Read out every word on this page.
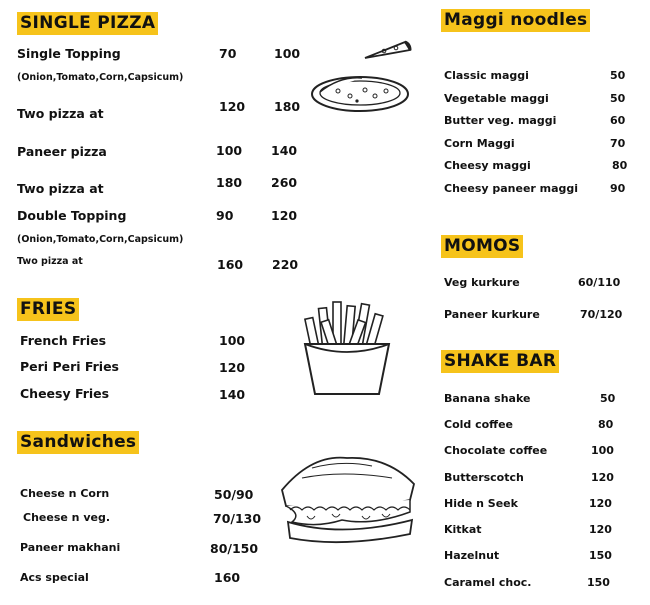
SINGLE PIZZA
Single Topping	70	100
(Onion,Tomato,Corn,Capsicum)
Two pizza at	120 180
Paneer pizza	100 140
Two pizza at	180 260
Double Topping	90	120
(Onion,Tomato,Corn,Capsicum)
Two pizza at	160 220
FRIES
French Fries	100
Peri Peri Fries	120
Cheesy Fries	140
Sandwiches
Cheese n Corn	50/90
Cheese n veg.	70/130
Paneer makhani	80/150
Acs special	160
Maggi noodles
Classic maggi	50
Vegetable maggi	50
Butter veg. maggi	60
Corn Maggi	70
Cheesy maggi	80
Cheesy paneer maggi	90
MOMOS
Veg kurkure	60/110
Paneer kurkure	70/120
SHAKE BAR
Banana shake	50
Cold coffee	80
Chocolate coffee	100
Butterscotch	120
Hide n Seek	120
Kitkat	120
Hazelnut	150
Caramel choc.	150
